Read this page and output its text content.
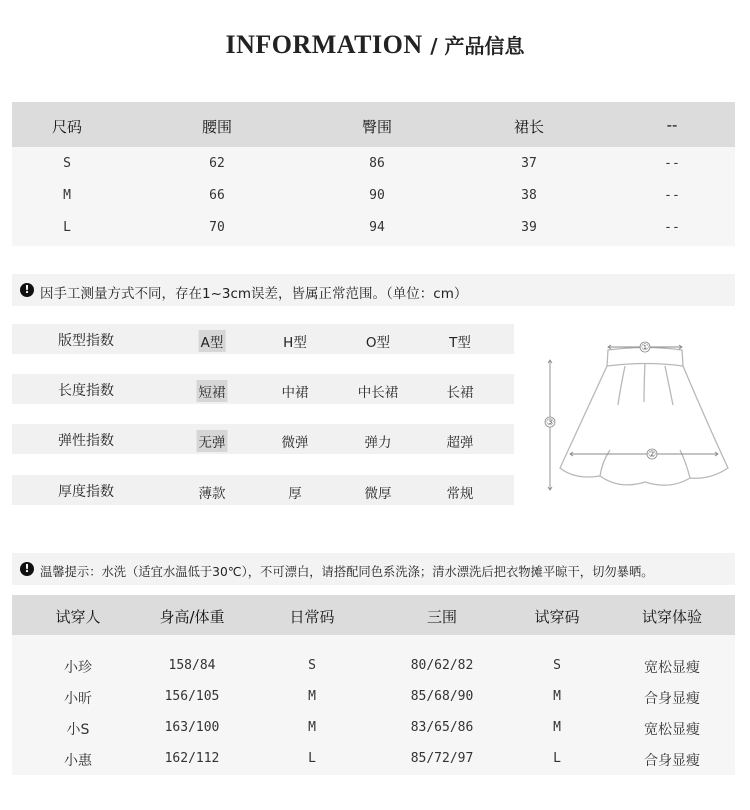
INFORMATION / 产品信息
尺码	腰围	臀围	裙长	--
S	62	86	37	--
M	66	90	38	--
L	70	94	39	--
! 因手工测量方式不同，存在1~3cm误差，皆属正常范围。（单位：cm）
版型指数	A型	H型	O型	T型
长度指数	短裙	中裙	中长裙	长裙
弹性指数	无弹	微弹	弹力	超弹
厚度指数	薄款	厚	微厚	常规
①
②
③
! 温馨提示：水洗（适宜水温低于30℃），不可漂白，请搭配同色系洗涤；清水漂洗后把衣物摊平晾干，切勿暴晒。
试穿人	身高/体重	日常码	三围	试穿码	试穿体验
小珍	158/84	S	80/62/82	S	宽松显瘦
小昕	156/105	M	85/68/90	M	合身显瘦
小S	163/100	M	83/65/86	M	宽松显瘦
小惠	162/112	L	85/72/97	L	合身显瘦
